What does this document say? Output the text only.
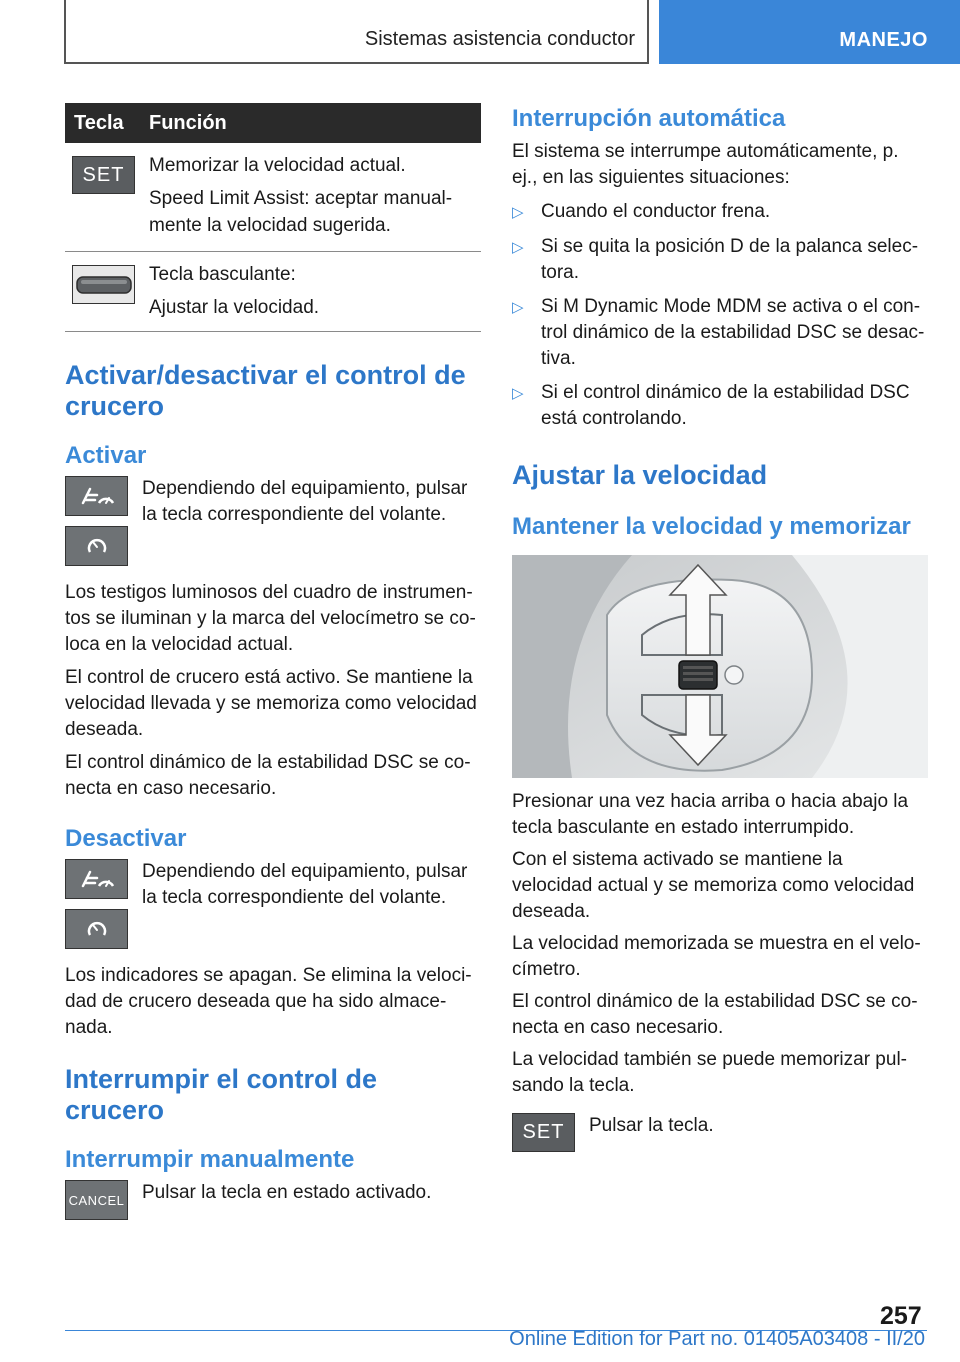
Sistemas asistencia conductor	MANEJO
Tecla	Función
SET Memorizar la velocidad actual.

Speed Limit Assist: aceptar manual-
mente la velocidad sugerida.

Tecla basculante:

Ajustar la velocidad.

Activar/desactivar el control de crucero
Activar
Dependiendo del equipamiento, pulsar la tecla correspondiente del volante.

Los testigos luminosos del cuadro de instrumen-tos se iluminan y la marca del velocímetro se co-loca en la velocidad actual.

El control de crucero está activo. Se mantiene la velocidad llevada y se memoriza como velocidad deseada.

El control dinámico de la estabilidad DSC se co-necta en caso necesario.

Desactivar
Dependiendo del equipamiento, pulsar la tecla correspondiente del volante.

Los indicadores se apagan. Se elimina la veloci-dad de crucero deseada que ha sido almace-nada.

Interrumpir el control de crucero
Interrumpir manualmente
CANCEL Pulsar la tecla en estado activado.
Interrupción automática

El sistema se interrumpe automáticamente, p. ej., en las siguientes situaciones:

▷ Cuando el conductor frena.
▷ Si se quita la posición D de la palanca selec-tora.
▷ Si M Dynamic Mode MDM se activa o el con-trol dinámico de la estabilidad DSC se desac-tiva.
▷ Si el control dinámico de la estabilidad DSC está controlando.
Ajustar la velocidad
Mantener la velocidad y memorizar

Presionar una vez hacia arriba o hacia abajo la tecla basculante en estado interrumpido.

Con el sistema activado se mantiene la velocidad actual y se memoriza como velocidad deseada.

La velocidad memorizada se muestra en el velo-címetro.

El control dinámico de la estabilidad DSC se co-necta en caso necesario.

La velocidad también se puede memorizar pul-sando la tecla.

SET Pulsar la tecla.
257
Online Edition for Part no. 01405A03408 - II/20
